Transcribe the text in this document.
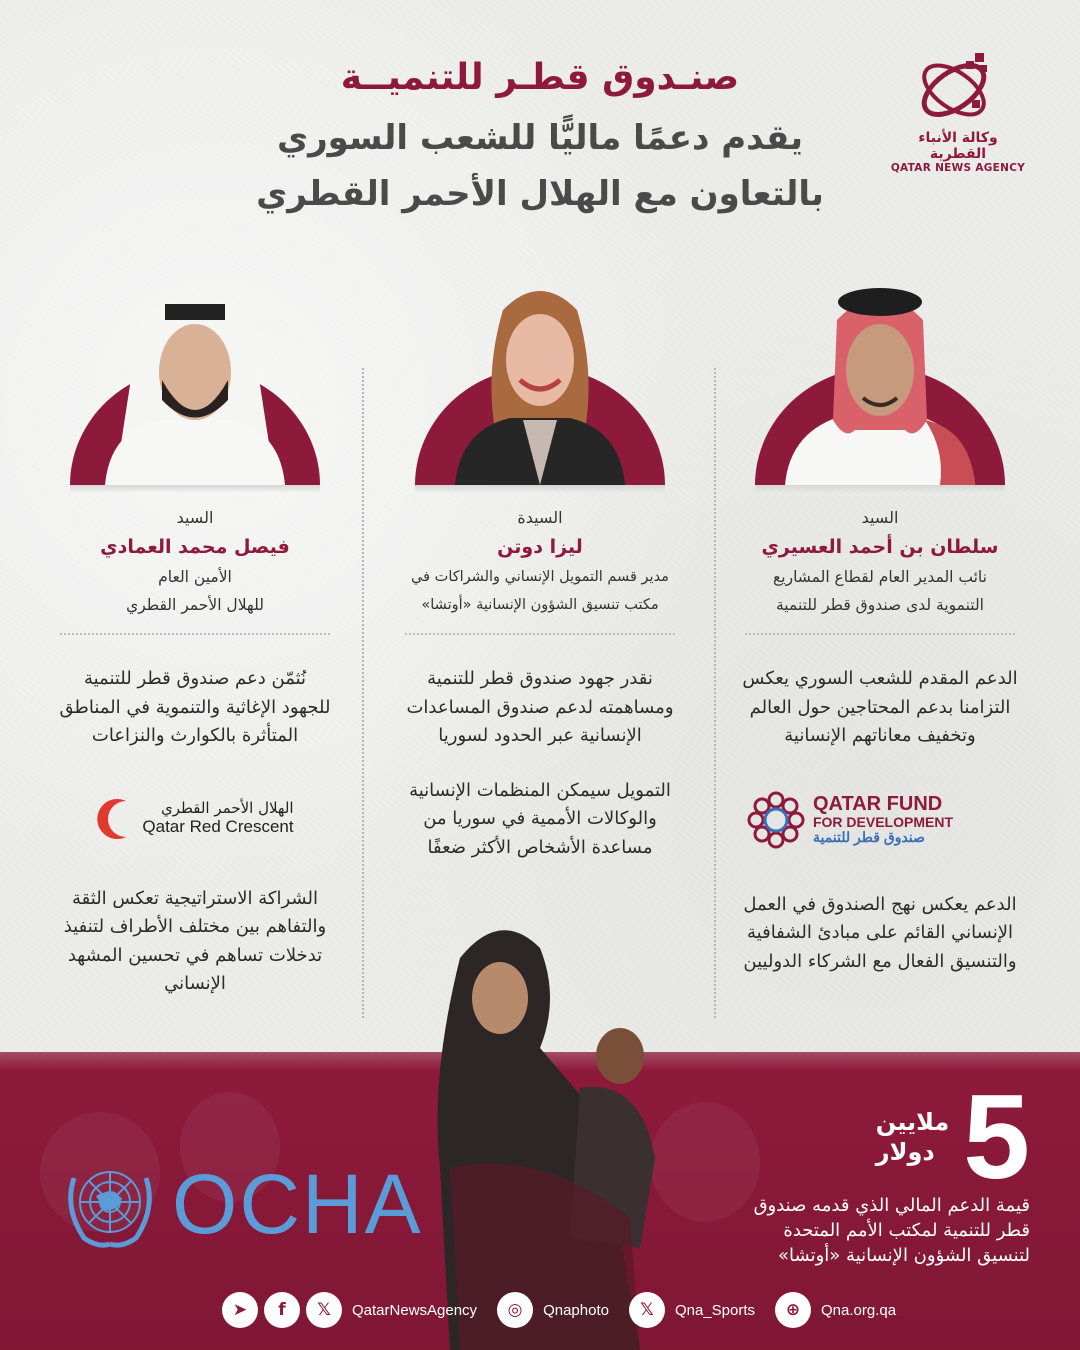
وكالة الأنباء القطرية
QATAR NEWS AGENCY
صنـدوق قطـر للتنميــة
يقدم دعمًا ماليًّا للشعب السوري
بالتعاون مع الهلال الأحمر القطري
السيد
سلطان بن أحمد العسيري
نائب المدير العام لقطاع المشاريع
التنموية لدى صندوق قطر للتنمية
الدعم المقدم للشعب السوري يعكس التزامنا بدعم المحتاجين حول العالم وتخفيف معاناتهم الإنسانية
QATAR FUND
FOR DEVELOPMENT
صندوق قطر للتنمية
الدعم يعكس نهج الصندوق في العمل الإنساني القائم على مبادئ الشفافية والتنسيق الفعال مع الشركاء الدوليين
السيدة
ليزا دوتن
مدير قسم التمويل الإنساني والشراكات في
مكتب تنسيق الشؤون الإنسانية «أوتشا»
نقدر جهود صندوق قطر للتنمية ومساهمته لدعم صندوق المساعدات الإنسانية عبر الحدود لسوريا
التمويل سيمكن المنظمات الإنسانية والوكالات الأممية في سوريا من مساعدة الأشخاص الأكثر ضعفًا
السيد
فيصل محمد العمادي
الأمين العام
للهلال الأحمر القطري
نُثمّن دعم صندوق قطر للتنمية للجهود الإغاثية والتنموية في المناطق المتأثرة بالكوارث والنزاعات
الهلال الأحمر القطري
Qatar Red Crescent
الشراكة الاستراتيجية تعكس الثقة والتفاهم بين مختلف الأطراف لتنفيذ تدخلات تساهم في تحسين المشهد الإنساني
OCHA	5
ملايين
دولار
قيمة الدعم المالي الذي قدمه صندوق
قطر للتنمية لمكتب الأمم المتحدة
لتنسيق الشؤون الإنسانية «أوتشا»
➤	f	𝕏	QatarNewsAgency	◎	Qnaphoto	𝕏	Qna_Sports	⊕	Qna.org.qa
